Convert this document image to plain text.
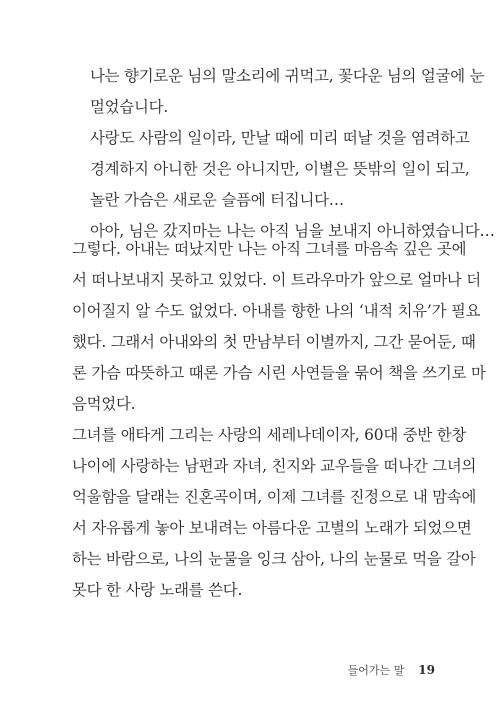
나는 향기로운 님의 말소리에 귀먹고, 꽃다운 님의 얼굴에 눈
멀었습니다.
사랑도 사람의 일이라, 만날 때에 미리 떠날 것을 염려하고
경계하지 아니한 것은 아니지만, 이별은 뜻밖의 일이 되고,
놀란 가슴은 새로운 슬픔에 터집니다…
아아, 님은 갔지마는 나는 아직 님을 보내지 아니하였습니다…
그렇다. 아내는 떠났지만 나는 아직 그녀를 마음속 깊은 곳에
서 떠나보내지 못하고 있었다. 이 트라우마가 앞으로 얼마나 더
이어질지 알 수도 없었다. 아내를 향한 나의 ‘내적 치유’가 필요
했다. 그래서 아내와의 첫 만남부터 이별까지, 그간 묻어둔, 때
론 가슴 따뜻하고 때론 가슴 시린 사연들을 묶어 책을 쓰기로 마
음먹었다.
그녀를 애타게 그리는 사랑의 세레나데이자, 60대 중반 한창
나이에 사랑하는 남편과 자녀, 친지와 교우들을 떠나간 그녀의
억울함을 달래는 진혼곡이며, 이제 그녀를 진정으로 내 맘속에
서 자유롭게 놓아 보내려는 아름다운 고별의 노래가 되었으면
하는 바람으로, 나의 눈물을 잉크 삼아, 나의 눈물로 먹을 갈아
못다 한 사랑 노래를 쓴다.
들어가는 말 19
